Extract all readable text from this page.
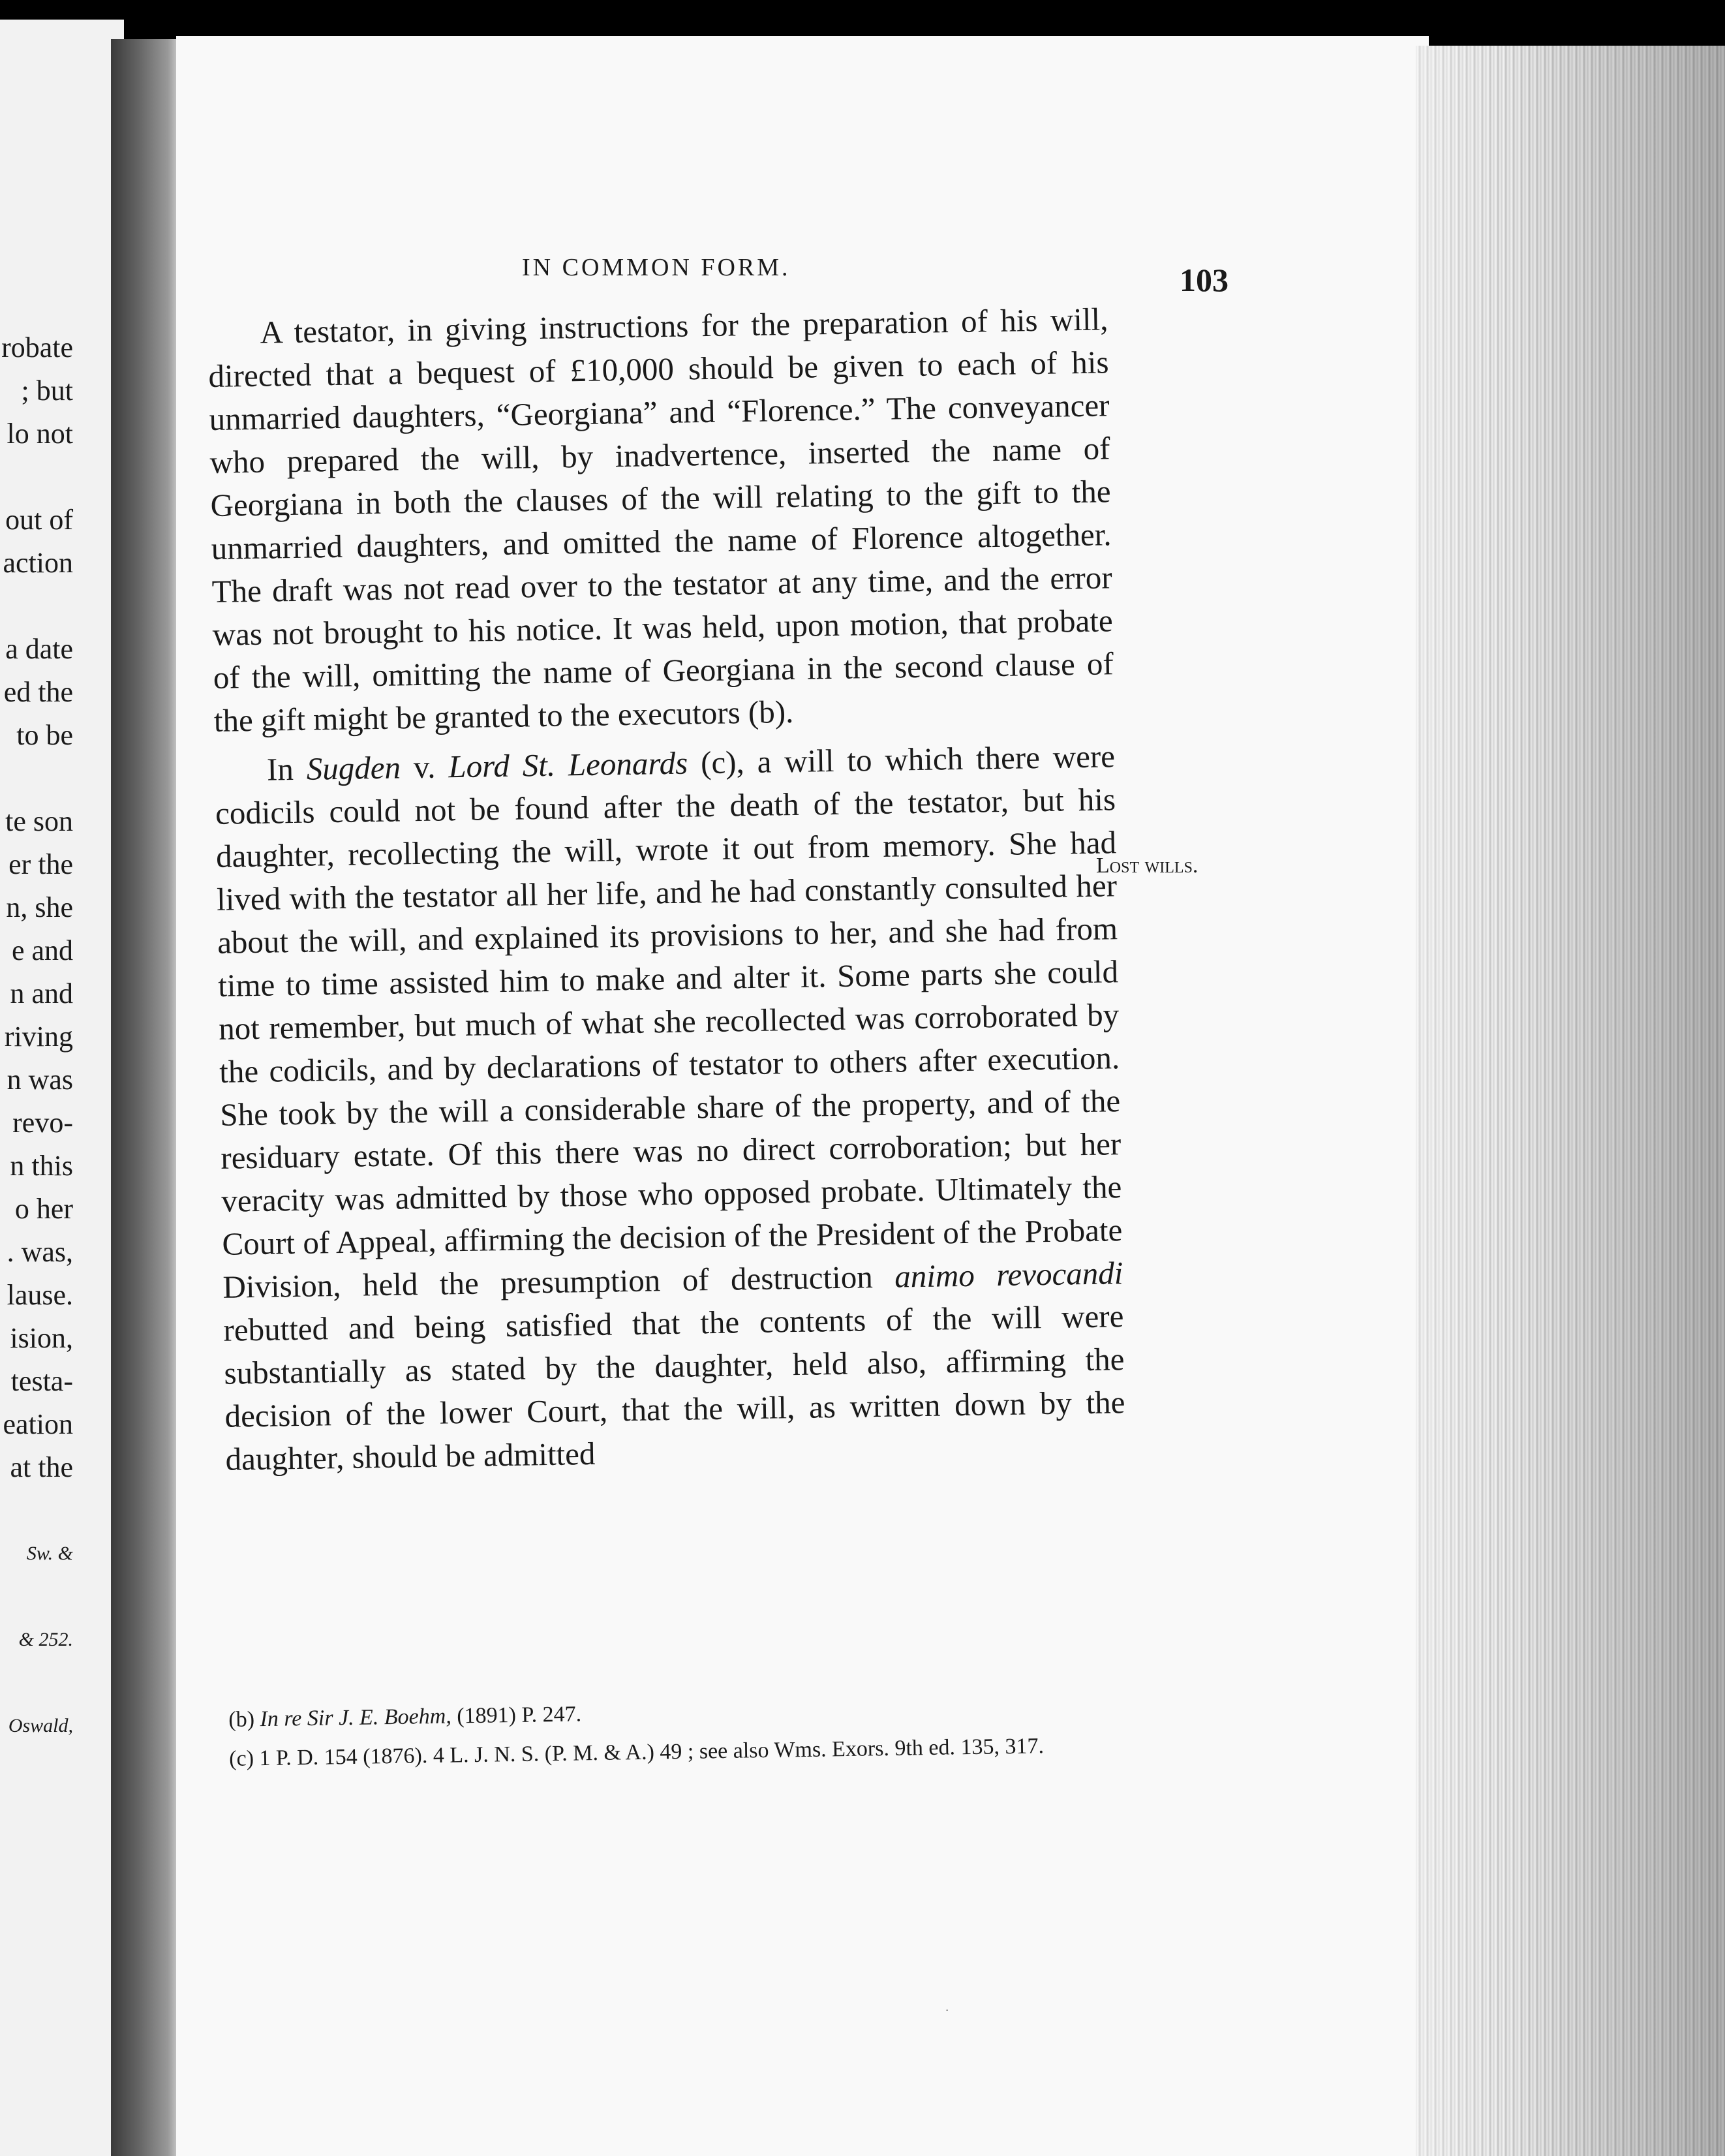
robate
; but
lo not
out of
action
a date
ed the
to be
te son
er the
n, she
e and
n and
riving
n was
revo-
n this
o her
. was,
lause.
ision,
testa-
eation
at the
Sw. &
& 252.
Oswald,
IN COMMON FORM.	103

A testator, in giving instructions for the preparation of his will, directed that a bequest of £10,000 should be given to each of his unmarried daughters, “Georgiana” and “Florence.” The conveyancer who prepared the will, by inadvertence, inserted the name of Georgiana in both the clauses of the will relating to the gift to the unmarried daughters, and omitted the name of Florence altogether. The draft was not read over to the testator at any time, and the error was not brought to his notice. It was held, upon motion, that probate of the will, omitting the name of Georgiana in the second clause of the gift might be granted to the executors (b).

In Sugden v. Lord St. Leonards (c), a will to which there were codicils could not be found after the death of the testator, but his daughter, recollecting the will, wrote it out from memory. She had lived with the testator all her life, and he had constantly consulted her about the will, and explained its provisions to her, and she had from time to time assisted him to make and alter it. Some parts she could not remember, but much of what she recollected was corroborated by the codicils, and by declarations of testator to others after execution. She took by the will a considerable share of the property, and of the residuary estate. Of this there was no direct corroboration; but her veracity was admitted by those who opposed probate. Ultimately the Court of Appeal, affirming the decision of the President of the Probate Division, held the presumption of destruction animo revocandi rebutted and being satisfied that the contents of the will were substantially as stated by the daughter, held also, affirming the decision of the lower Court, that the will, as written down by the daughter, should be admitted

Lost wills.

(b) In re Sir J. E. Boehm, (1891) P. 247.

(c) 1 P. D. 154 (1876). 4 L. J. N. S. (P. M. & A.) 49 ; see also Wms. Exors. 9th ed. 135, 317.

·
